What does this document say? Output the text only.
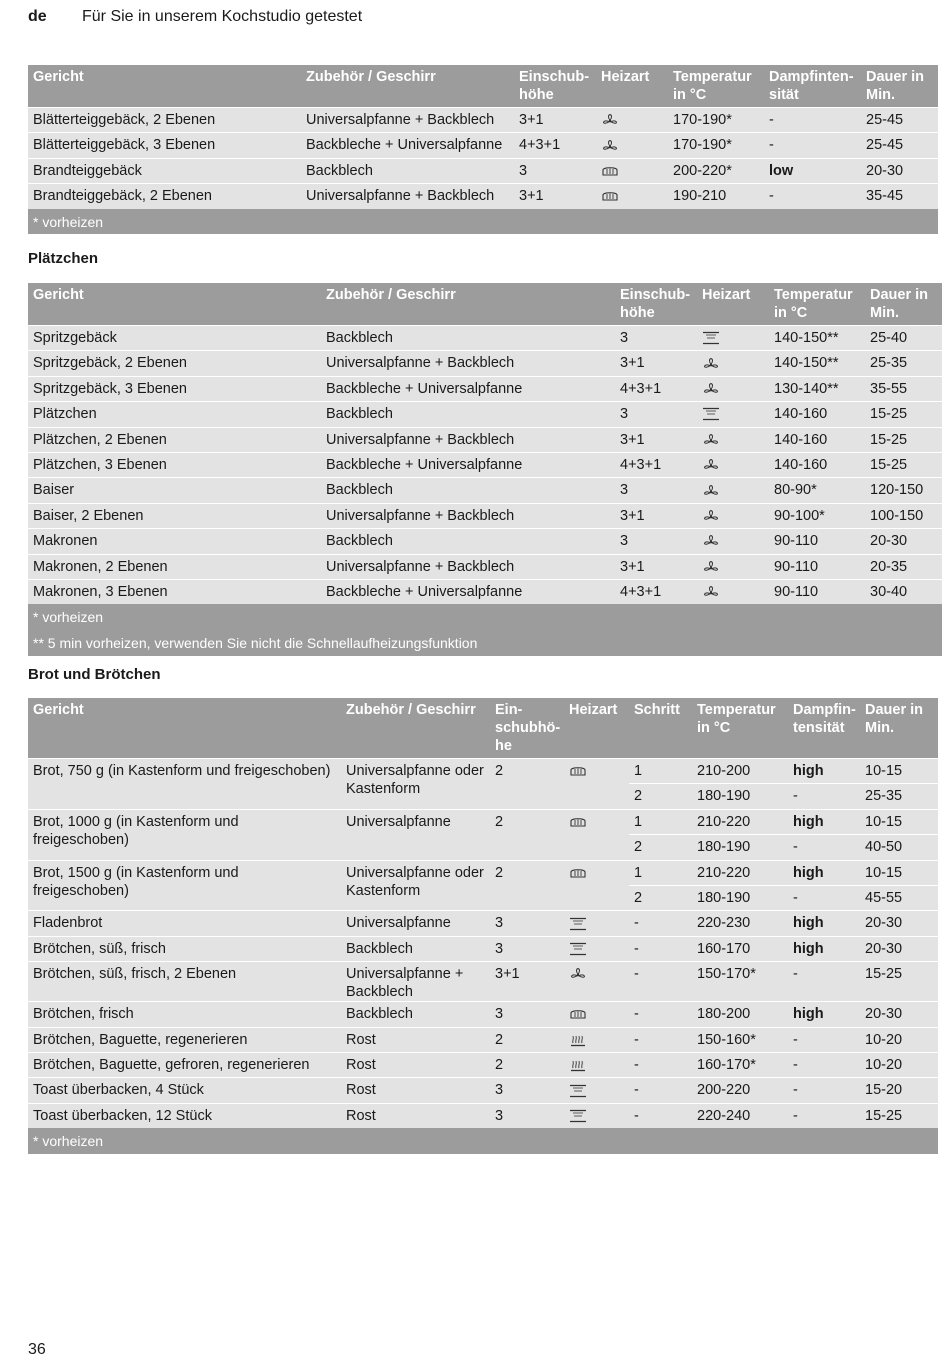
de Für Sie in unserem Kochstudio getestet
Gericht	Zubehör / Geschirr	Einschub-
höhe	Heizart	Temperatur
in °C	Dampfinten-
sität	Dauer in
Min.
Blätterteiggebäck, 2 Ebenen	Universalpfanne + Backblech	3+1		170-190*	-	25-45
Blätterteiggebäck, 3 Ebenen	Backbleche + Universalpfanne	4+3+1		170-190*	-	25-45
Brandteiggebäck	Backblech	3		200-220*	low	20-30
Brandteiggebäck, 2 Ebenen	Universalpfanne + Backblech	3+1		190-210	-	35-45
* vorheizen						
Plätzchen
Gericht	Zubehör / Geschirr	Einschub-
höhe	Heizart	Temperatur
in °C	Dauer in
Min.
Spritzgebäck	Backblech	3		140-150**	25-40
Spritzgebäck, 2 Ebenen	Universalpfanne + Backblech	3+1		140-150**	25-35
Spritzgebäck, 3 Ebenen	Backbleche + Universalpfanne	4+3+1		130-140**	35-55
Plätzchen	Backblech	3		140-160	15-25
Plätzchen, 2 Ebenen	Universalpfanne + Backblech	3+1		140-160	15-25
Plätzchen, 3 Ebenen	Backbleche + Universalpfanne	4+3+1		140-160	15-25
Baiser	Backblech	3		80-90*	120-150
Baiser, 2 Ebenen	Universalpfanne + Backblech	3+1		90-100*	100-150
Makronen	Backblech	3		90-110	20-30
Makronen, 2 Ebenen	Universalpfanne + Backblech	3+1		90-110	20-35
Makronen, 3 Ebenen	Backbleche + Universalpfanne	4+3+1		90-110	30-40
* vorheizen					
** 5 min vorheizen, verwenden Sie nicht die Schnellaufheizungsfunktion					
Brot und Brötchen
Gericht	Zubehör / Geschirr	Ein-
schubhö-
he	Heizart	Schritt	Temperatur
in °C	Dampfin-
tensität	Dauer in
Min.
Brot, 750 g (in Kastenform und freigeschoben)	Universalpfanne oder Kastenform	2		1	210-200	high	10-15
				2	180-190	-	25-35
Brot, 1000 g (in Kastenform und freigeschoben)	Universalpfanne	2		1	210-220	high	10-15
				2	180-190	-	40-50
Brot, 1500 g (in Kastenform und freigeschoben)	Universalpfanne oder Kastenform	2		1	210-220	high	10-15
				2	180-190	-	45-55
Fladenbrot	Universalpfanne	3		-	220-230	high	20-30
Brötchen, süß, frisch	Backblech	3		-	160-170	high	20-30
Brötchen, süß, frisch, 2 Ebenen	Universalpfanne + Backblech	3+1		-	150-170*	-	15-25
Brötchen, frisch	Backblech	3		-	180-200	high	20-30
Brötchen, Baguette, regenerieren	Rost	2		-	150-160*	-	10-20
Brötchen, Baguette, gefroren, regenerieren	Rost	2		-	160-170*	-	10-20
Toast überbacken, 4 Stück	Rost	3		-	200-220	-	15-20
Toast überbacken, 12 Stück	Rost	3		-	220-240	-	15-25
* vorheizen							
36
